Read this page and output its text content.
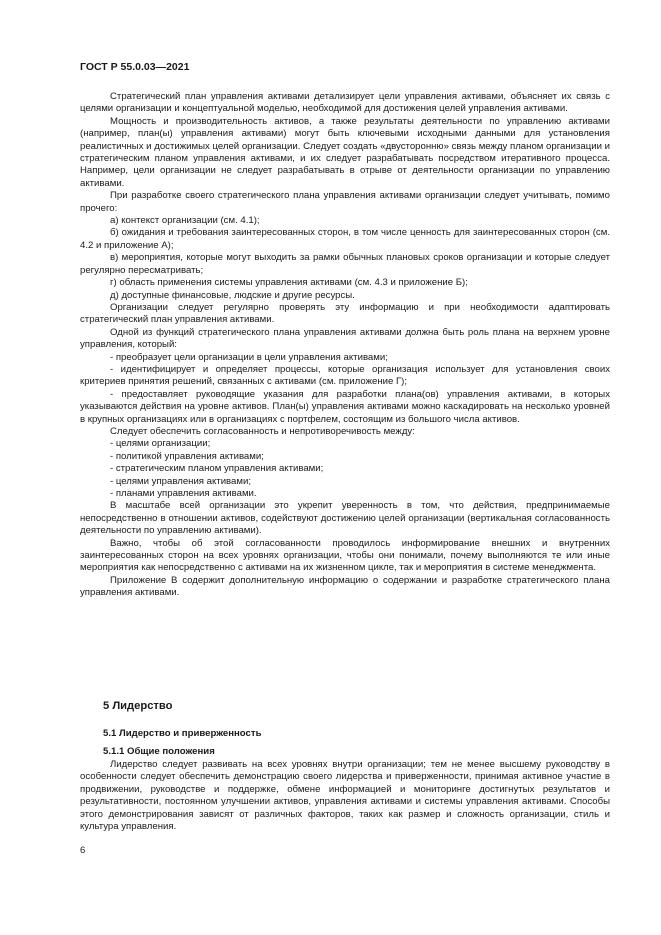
ГОСТ Р 55.0.03—2021

Стратегический план управления активами детализирует цели управления активами, объясняет их связь с целями организации и концептуальной моделью, необходимой для достижения целей управления активами.

Мощность и производительность активов, а также результаты деятельности по управлению активами (например, план(ы) управления активами) могут быть ключевыми исходными данными для установления реалистичных и достижимых целей организации. Следует создать «двусторонню» связь между планом организации и стратегическим планом управления активами, и их следует разрабатывать посредством итеративного процесса. Например, цели организации не следует разрабатывать в отрыве от деятельности организации по управлению активами.

При разработке своего стратегического плана управления активами организации следует учитывать, помимо прочего:

а) контекст организации (см. 4.1);

б) ожидания и требования заинтересованных сторон, в том числе ценность для заинтересованных сторон (см. 4.2 и приложение А);

в) мероприятия, которые могут выходить за рамки обычных плановых сроков организации и которые следует регулярно пересматривать;

г) область применения системы управления активами (см. 4.3 и приложение Б);

д) доступные финансовые, людские и другие ресурсы.

Организации следует регулярно проверять эту информацию и при необходимости адаптировать стратегический план управления активами.

Одной из функций стратегического плана управления активами должна быть роль плана на верхнем уровне управления, который:

- преобразует цели организации в цели управления активами;

- идентифицирует и определяет процессы, которые организация использует для установления своих критериев принятия решений, связанных с активами (см. приложение Г);

- предоставляет руководящие указания для разработки плана(ов) управления активами, в которых указываются действия на уровне активов. План(ы) управления активами можно каскадировать на несколько уровней в крупных организациях или в организациях с портфелем, состоящим из большого числа активов.

Следует обеспечить согласованность и непротиворечивость между:

- целями организации;

- политикой управления активами;

- стратегическим планом управления активами;

- целями управления активами;

- планами управления активами.

В масштабе всей организации это укрепит уверенность в том, что действия, предпринимаемые непосредственно в отношении активов, содействуют достижению целей организации (вертикальная согласованность деятельности по управлению активами).

Важно, чтобы об этой согласованности проводилось информирование внешних и внутренних заинтересованных сторон на всех уровнях организации, чтобы они понимали, почему выполняются те или иные мероприятия как непосредственно с активами на их жизненном цикле, так и мероприятия в системе менеджмента.

Приложение В содержит дополнительную информацию о содержании и разработке стратегического плана управления активами.

5 Лидерство
5.1 Лидерство и приверженность
5.1.1 Общие положения

Лидерство следует развивать на всех уровнях внутри организации; тем не менее высшему руководству в особенности следует обеспечить демонстрацию своего лидерства и приверженности, принимая активное участие в продвижении, руководстве и поддержке, обмене информацией и мониторинге достигнутых результатов и результативности, постоянном улучшении активов, управления активами и системы управления активами. Способы этого демонстрирования зависят от различных факторов, таких как размер и сложность организации, стиль и культура управления.

6
